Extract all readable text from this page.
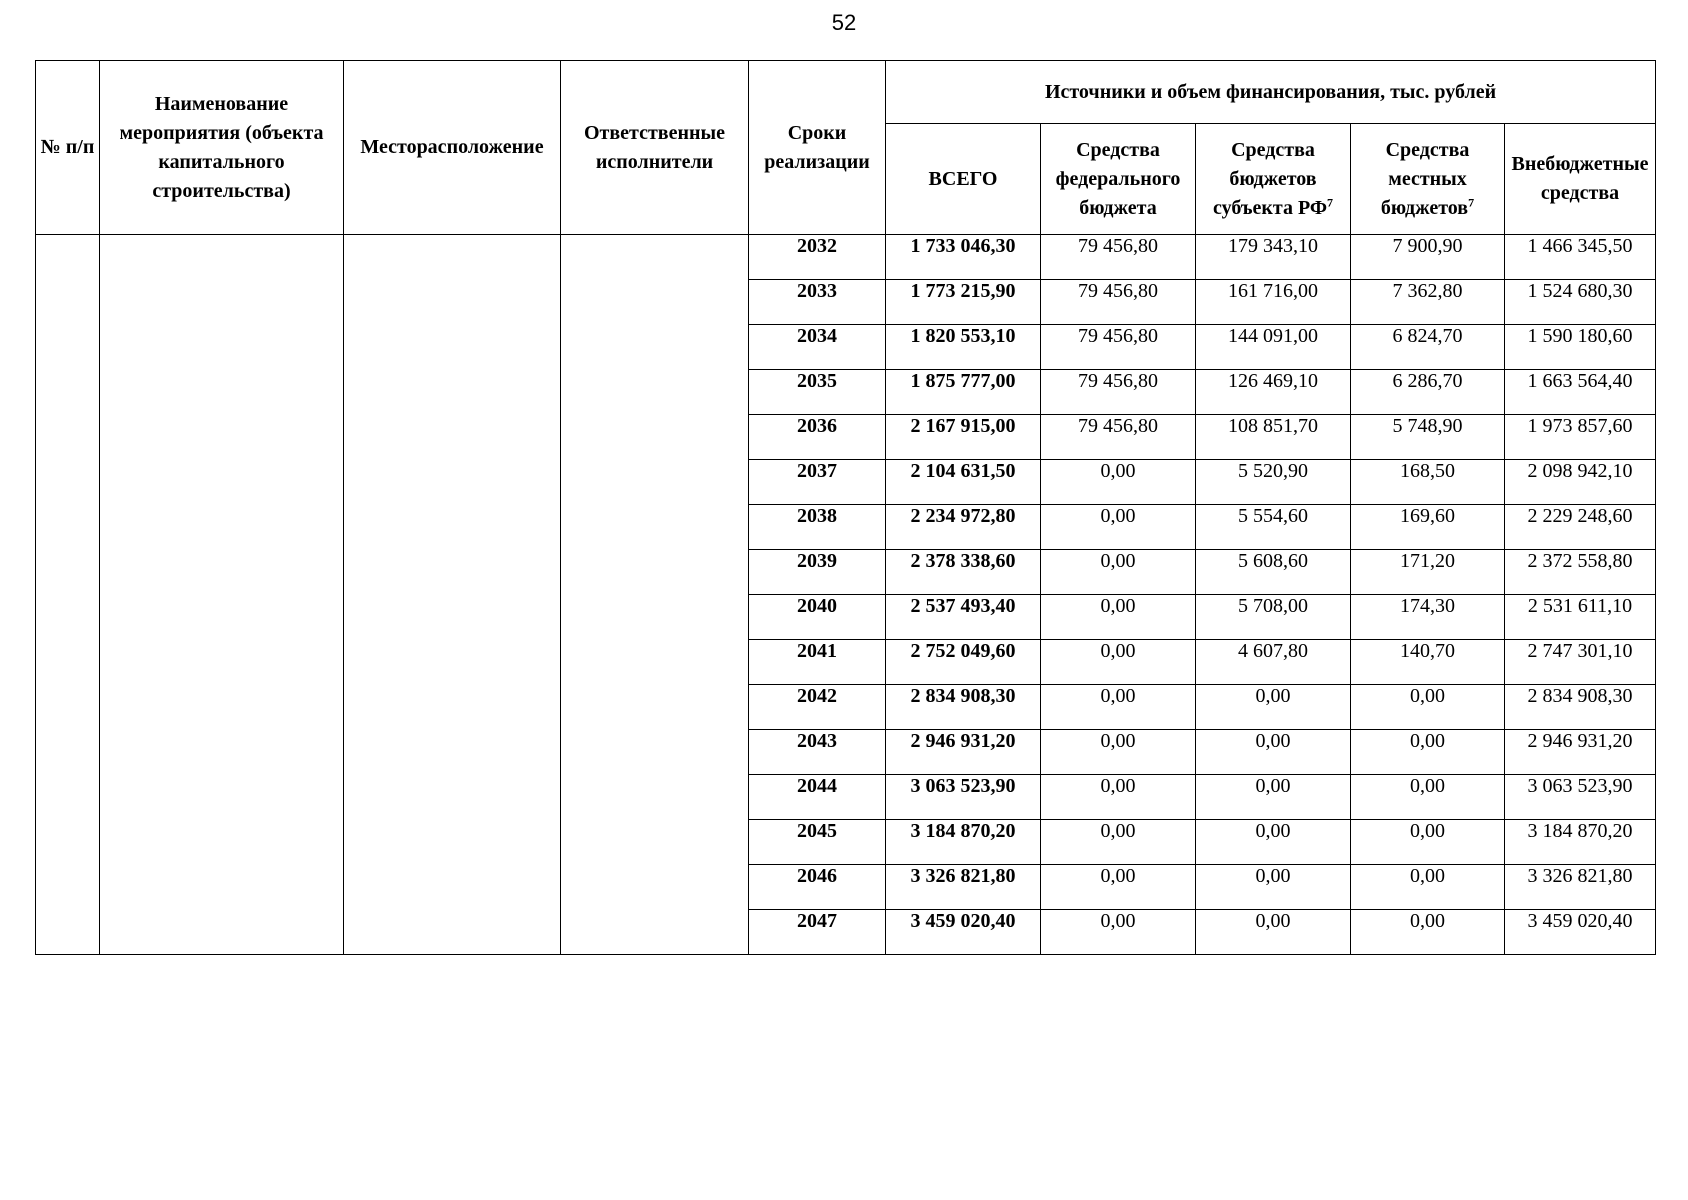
52
№ п/п	Наименование мероприятия (объекта капитального строительства)	Месторасположение	Ответственные исполнители	Сроки реализации	Источники и объем финансирования, тыс. рублей				
					ВСЕГО	Средства федерального бюджета	Средства бюджетов субъекта $РФ^7$	Средства местных бюджетов$^7$	Внебюджетные средства
				2032	1 733 046,30	79 456,80	179 343,10	7 900,90	1 466 345,50
				2033	1 773 215,90	79 456,80	161 716,00	7 362,80	1 524 680,30
				2034	1 820 553,10	79 456,80	144 091,00	6 824,70	1 590 180,60
				2035	1 875 777,00	79 456,80	126 469,10	6 286,70	1 663 564,40
				2036	2 167 915,00	79 456,80	108 851,70	5 748,90	1 973 857,60
				2037	2 104 631,50	0,00	5 520,90	168,50	2 098 942,10
				2038	2 234 972,80	0,00	5 554,60	169,60	2 229 248,60
				2039	2 378 338,60	0,00	5 608,60	171,20	2 372 558,80
				2040	2 537 493,40	0,00	5 708,00	174,30	2 531 611,10
				2041	2 752 049,60	0,00	4 607,80	140,70	2 747 301,10
				2042	2 834 908,30	0,00	0,00	0,00	2 834 908,30
				2043	2 946 931,20	0,00	0,00	0,00	2 946 931,20
				2044	3 063 523,90	0,00	0,00	0,00	3 063 523,90
				2045	3 184 870,20	0,00	0,00	0,00	3 184 870,20
				2046	3 326 821,80	0,00	0,00	0,00	3 326 821,80
				2047	3 459 020,40	0,00	0,00	0,00	3 459 020,40
